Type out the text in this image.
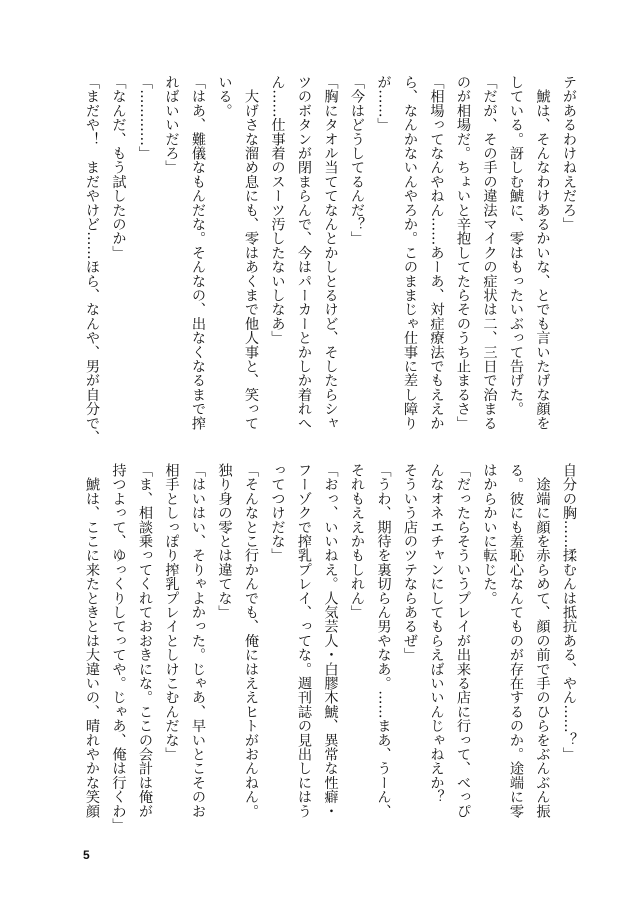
テがあるわけねえだろ」
　鯱は、そんなわけあるかいな、とでも言いたげな顔を
している。訝しむ鯱に、零はもったいぶって告げた。
「だが、その手の違法マイクの症状は二、三日で治まる
のが相場だ。ちょいと辛抱してたらそのうち止まるさ」
「相場ってなんやねん……あーあ、対症療法でもええか
ら、なんかないんやろか。このままじゃ仕事に差し障り
が……」
「今はどうしてるんだ？」
「胸にタオル当ててなんとかしとるけど、そしたらシャ
ツのボタンが閉まらんで、今はパーカーとかしか着れへ
ん……仕事着のスーツ汚したないしなあ」
　大げさな溜め息にも、零はあくまで他人事と、笑って
いる。
「はあ、難儀なもんだな。そんなの、出なくなるまで搾
ればいいだろ」
「…………」
「なんだ、もう試したのか」
「まだや！　まだやけど……ほら、なんや、男が自分で、
自分の胸……揉むんは抵抗ある、やん……？」
　途端に顔を赤らめて、顔の前で手のひらをぶんぶん振
る。彼にも羞恥心なんてものが存在するのか。途端に零
はからかいに転じた。
「だったらそういうプレイが出来る店に行って、べっぴ
んなオネエチャンにしてもらえばいいんじゃねえか？
そういう店のツテならあるぜ」
「うわ、期待を裏切らん男やなあ。……まあ、うーん、
それもええかもしれん」
「おっ、いいねえ。人気芸人・白膠木鯱、異常な性癖・
フーゾクで搾乳プレイ、ってな。週刊誌の見出しにはう
ってつけだな」
「そんなとこ行かんでも、俺にはええヒトがおんねん。
独り身の零とは違てな」
「はいはい、そりゃよかった。じゃあ、早いとこそのお
相手としっぽり搾乳プレイとしけこむんだな」
「ま、相談乗ってくれておおきにな。ここの会計は俺が
持つよって、ゆっくりしてってや。じゃあ、俺は行くわ」
　鯱は、ここに来たときとは大違いの、晴れやかな笑顔
5
